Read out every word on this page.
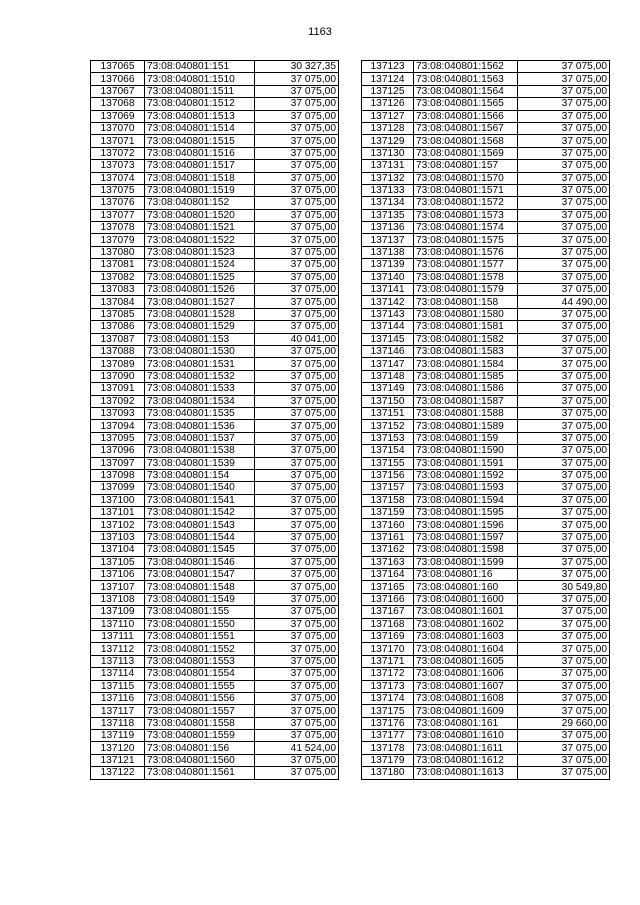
1163
137065	73:08:040801:151	30 327,35
137066	73:08:040801:1510	37 075,00
137067	73:08:040801:1511	37 075,00
137068	73:08:040801:1512	37 075,00
137069	73:08:040801:1513	37 075,00
137070	73:08:040801:1514	37 075,00
137071	73:08:040801:1515	37 075,00
137072	73:08:040801:1516	37 075,00
137073	73:08:040801:1517	37 075,00
137074	73:08:040801:1518	37 075,00
137075	73:08:040801:1519	37 075,00
137076	73:08:040801:152	37 075,00
137077	73:08:040801:1520	37 075,00
137078	73:08:040801:1521	37 075,00
137079	73:08:040801:1522	37 075,00
137080	73:08:040801:1523	37 075,00
137081	73:08:040801:1524	37 075,00
137082	73:08:040801:1525	37 075,00
137083	73:08:040801:1526	37 075,00
137084	73:08:040801:1527	37 075,00
137085	73:08:040801:1528	37 075,00
137086	73:08:040801:1529	37 075,00
137087	73:08:040801:153	40 041,00
137088	73:08:040801:1530	37 075,00
137089	73:08:040801:1531	37 075,00
137090	73:08:040801:1532	37 075,00
137091	73:08:040801:1533	37 075,00
137092	73:08:040801:1534	37 075,00
137093	73:08:040801:1535	37 075,00
137094	73:08:040801:1536	37 075,00
137095	73:08:040801:1537	37 075,00
137096	73:08:040801:1538	37 075,00
137097	73:08:040801:1539	37 075,00
137098	73:08:040801:154	37 075,00
137099	73:08:040801:1540	37 075,00
137100	73:08:040801:1541	37 075,00
137101	73:08:040801:1542	37 075,00
137102	73:08:040801:1543	37 075,00
137103	73:08:040801:1544	37 075,00
137104	73:08:040801:1545	37 075,00
137105	73:08:040801:1546	37 075,00
137106	73:08:040801:1547	37 075,00
137107	73:08:040801:1548	37 075,00
137108	73:08:040801:1549	37 075,00
137109	73:08:040801:155	37 075,00
137110	73:08:040801:1550	37 075,00
137111	73:08:040801:1551	37 075,00
137112	73:08:040801:1552	37 075,00
137113	73:08:040801:1553	37 075,00
137114	73:08:040801:1554	37 075,00
137115	73:08:040801:1555	37 075,00
137116	73:08:040801:1556	37 075,00
137117	73:08:040801:1557	37 075,00
137118	73:08:040801:1558	37 075,00
137119	73:08:040801:1559	37 075,00
137120	73:08:040801:156	41 524,00
137121	73:08:040801:1560	37 075,00
137122	73:08:040801:1561	37 075,00
137123	73:08:040801:1562	37 075,00
137124	73:08:040801:1563	37 075,00
137125	73:08:040801:1564	37 075,00
137126	73:08:040801:1565	37 075,00
137127	73:08:040801:1566	37 075,00
137128	73:08:040801:1567	37 075,00
137129	73:08:040801:1568	37 075,00
137130	73:08:040801:1569	37 075,00
137131	73:08:040801:157	37 075,00
137132	73:08:040801:1570	37 075,00
137133	73:08:040801:1571	37 075,00
137134	73:08:040801:1572	37 075,00
137135	73:08:040801:1573	37 075,00
137136	73:08:040801:1574	37 075,00
137137	73:08:040801:1575	37 075,00
137138	73:08:040801:1576	37 075,00
137139	73:08:040801:1577	37 075,00
137140	73:08:040801:1578	37 075,00
137141	73:08:040801:1579	37 075,00
137142	73:08:040801:158	44 490,00
137143	73:08:040801:1580	37 075,00
137144	73:08:040801:1581	37 075,00
137145	73:08:040801:1582	37 075,00
137146	73:08:040801:1583	37 075,00
137147	73:08:040801:1584	37 075,00
137148	73:08:040801:1585	37 075,00
137149	73:08:040801:1586	37 075,00
137150	73:08:040801:1587	37 075,00
137151	73:08:040801:1588	37 075,00
137152	73:08:040801:1589	37 075,00
137153	73:08:040801:159	37 075,00
137154	73:08:040801:1590	37 075,00
137155	73:08:040801:1591	37 075,00
137156	73:08:040801:1592	37 075,00
137157	73:08:040801:1593	37 075,00
137158	73:08:040801:1594	37 075,00
137159	73:08:040801:1595	37 075,00
137160	73:08:040801:1596	37 075,00
137161	73:08:040801:1597	37 075,00
137162	73:08:040801:1598	37 075,00
137163	73:08:040801:1599	37 075,00
137164	73:08:040801:16	37 075,00
137165	73:08:040801:160	30 549,80
137166	73:08:040801:1600	37 075,00
137167	73:08:040801:1601	37 075,00
137168	73:08:040801:1602	37 075,00
137169	73:08:040801:1603	37 075,00
137170	73:08:040801:1604	37 075,00
137171	73:08:040801:1605	37 075,00
137172	73:08:040801:1606	37 075,00
137173	73:08:040801:1607	37 075,00
137174	73:08:040801:1608	37 075,00
137175	73:08:040801:1609	37 075,00
137176	73:08:040801:161	29 660,00
137177	73:08:040801:1610	37 075,00
137178	73:08:040801:1611	37 075,00
137179	73:08:040801:1612	37 075,00
137180	73:08:040801:1613	37 075,00
